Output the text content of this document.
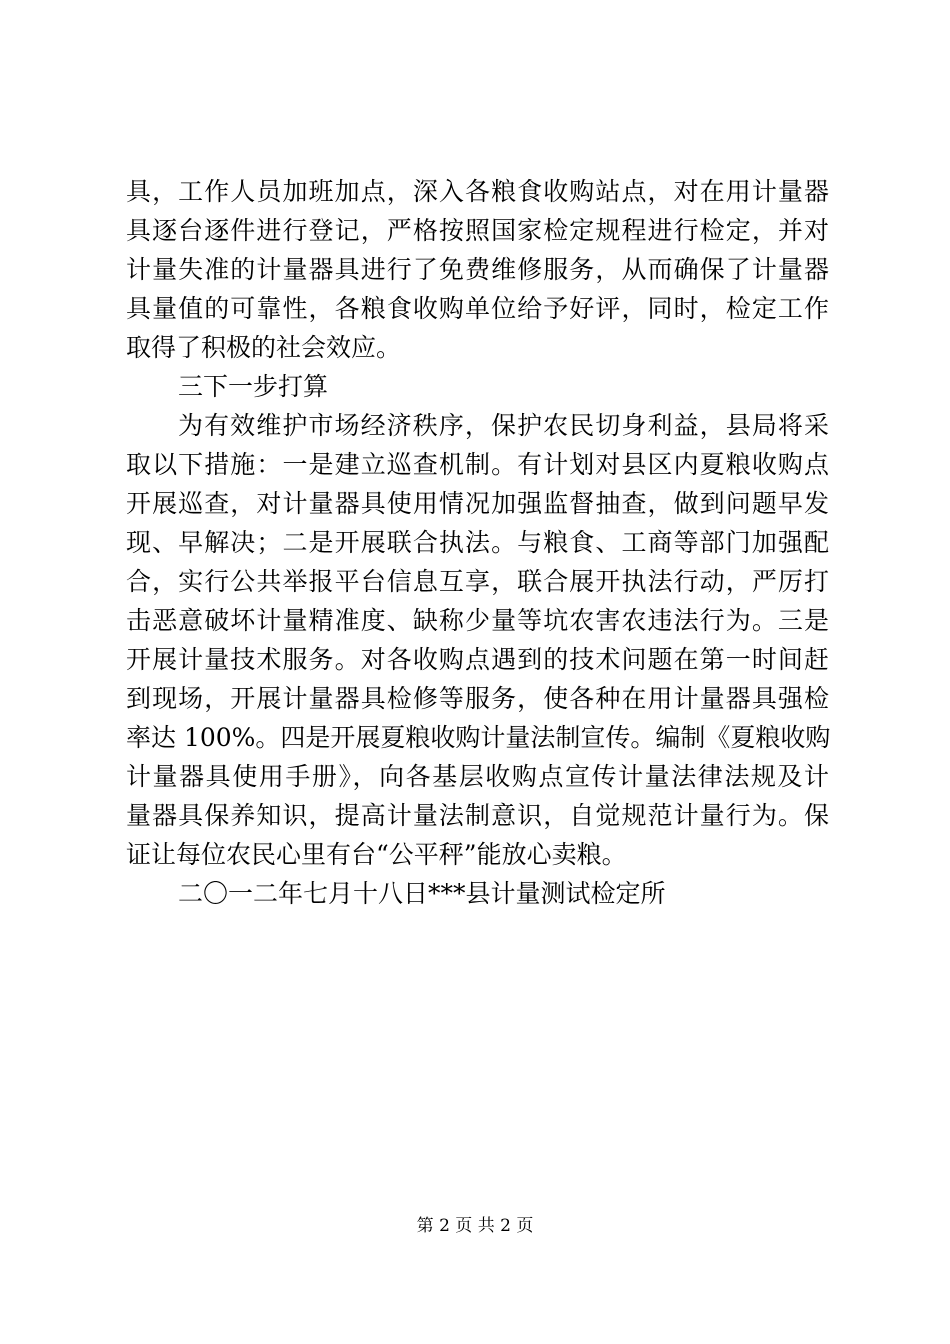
具，工作人员加班加点，深入各粮食收购站点，对在用计量器
具逐台逐件进行登记，严格按照国家检定规程进行检定，并对
计量失准的计量器具进行了免费维修服务，从而确保了计量器
具量值的可靠性，各粮食收购单位给予好评，同时，检定工作
取得了积极的社会效应。
三下一步打算
为有效维护市场经济秩序，保护农民切身利益，县局将采
取以下措施：一是建立巡查机制。有计划对县区内夏粮收购点
开展巡查，对计量器具使用情况加强监督抽查，做到问题早发
现、早解决；二是开展联合执法。与粮食、工商等部门加强配
合，实行公共举报平台信息互享，联合展开执法行动，严厉打
击恶意破坏计量精准度、缺称少量等坑农害农违法行为。三是
开展计量技术服务。对各收购点遇到的技术问题在第一时间赶
到现场，开展计量器具检修等服务，使各种在用计量器具强检
率达 100%。四是开展夏粮收购计量法制宣传。编制《夏粮收购
计量器具使用手册》，向各基层收购点宣传计量法律法规及计
量器具保养知识，提高计量法制意识，自觉规范计量行为。保
证让每位农民心里有台“公平秤”能放心卖粮。
二〇一二年七月十八日***县计量测试检定所
第 2 页 共 2 页
